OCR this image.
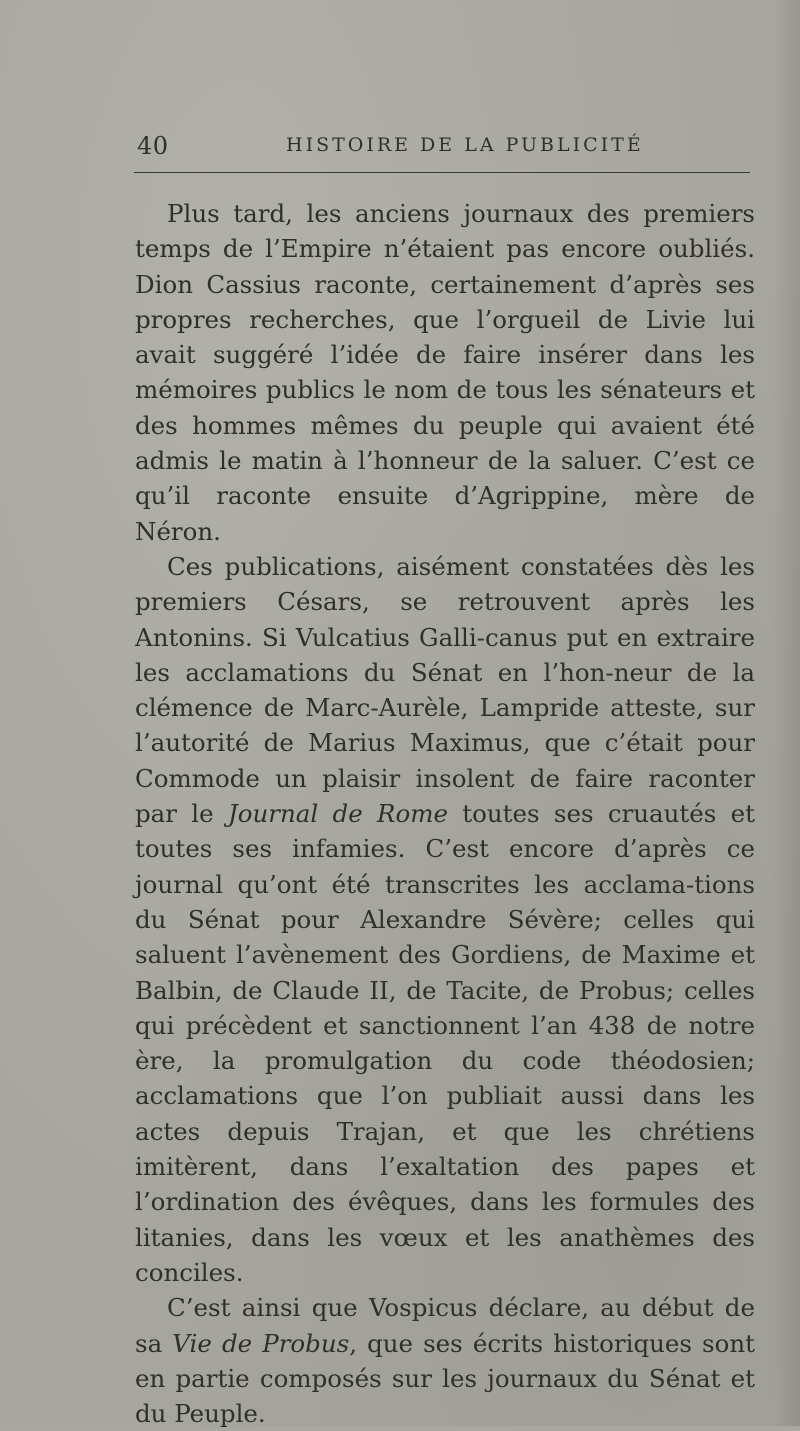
40	HISTOIRE DE LA PUBLICITÉ

Plus tard, les anciens journaux des premiers temps de l’Empire n’étaient pas encore oubliés. Dion Cassius raconte, certainement d’après ses propres recherches, que l’orgueil de Livie lui avait suggéré l’idée de faire insérer dans les mémoires publics le nom de tous les sénateurs et des hommes mêmes du peuple qui avaient été admis le matin à l’honneur de la saluer. C’est ce qu’il raconte ensuite d’Agrippine, mère de Néron.

Ces publications, aisément constatées dès les premiers Césars, se retrouvent après les Antonins. Si Vulcatius Galli-canus put en extraire les acclamations du Sénat en l’hon-neur de la clémence de Marc-Aurèle, Lampride atteste, sur l’autorité de Marius Maximus, que c’était pour Commode un plaisir insolent de faire raconter par le Journal de Rome toutes ses cruautés et toutes ses infamies. C’est encore d’après ce journal qu’ont été transcrites les acclama-tions du Sénat pour Alexandre Sévère; celles qui saluent l’avènement des Gordiens, de Maxime et Balbin, de Claude II, de Tacite, de Probus; celles qui précèdent et sanctionnent l’an 438 de notre ère, la promulgation du code théodosien; acclamations que l’on publiait aussi dans les actes depuis Trajan, et que les chrétiens imitèrent, dans l’exaltation des papes et l’ordination des évêques, dans les formules des litanies, dans les vœux et les anathèmes des conciles.

C’est ainsi que Vospicus déclare, au début de sa Vie de Probus, que ses écrits historiques sont en partie composés sur les journaux du Sénat et du Peuple.
